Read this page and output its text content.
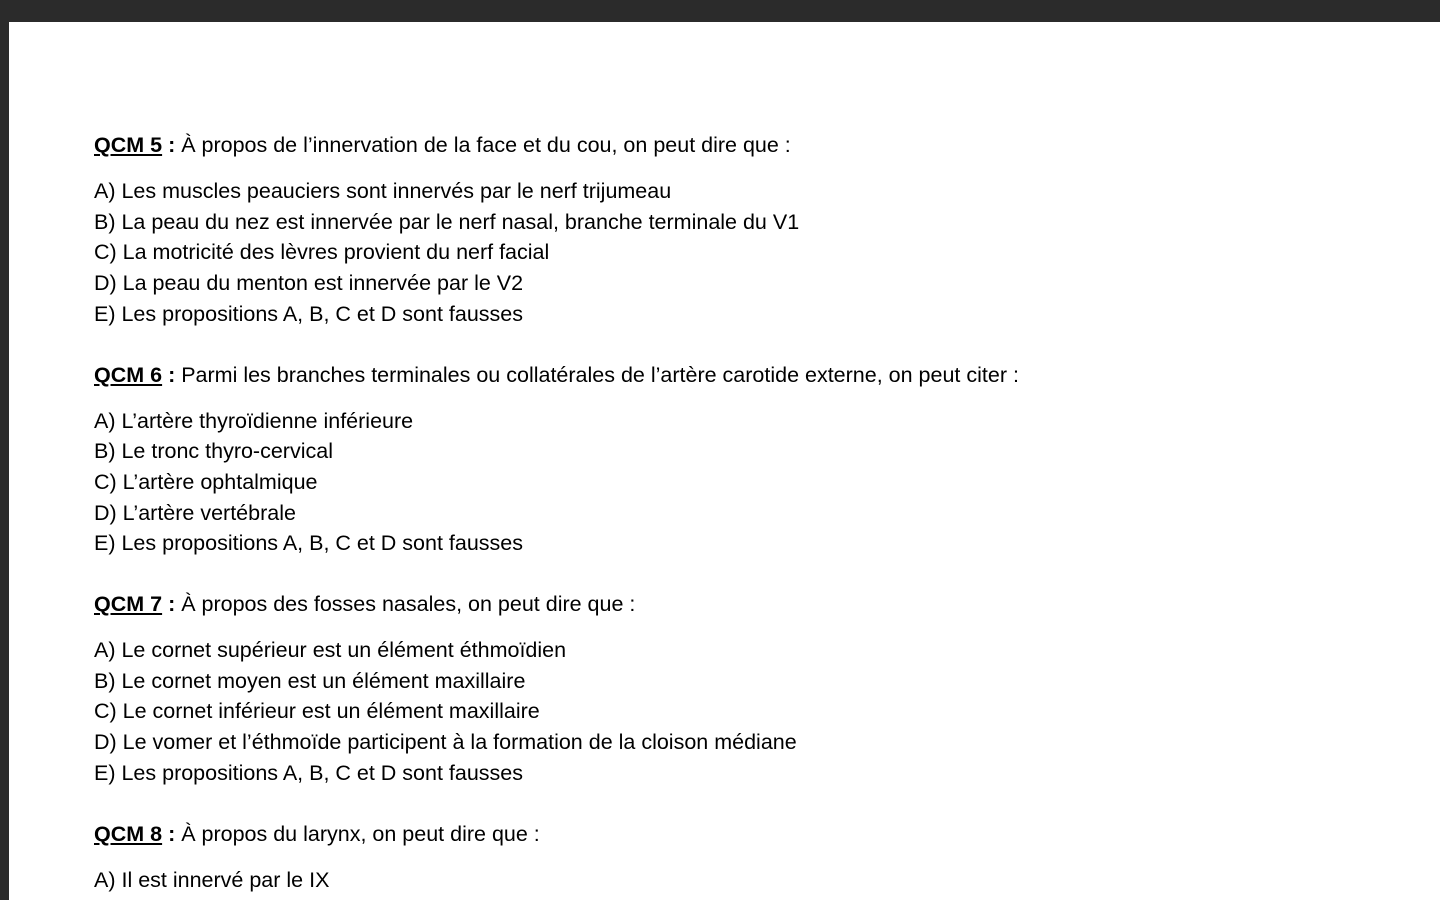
QCM 5 : À propos de l’innervation de la face et du cou, on peut dire que :

A) Les muscles peauciers sont innervés par le nerf trijumeau
B) La peau du nez est innervée par le nerf nasal, branche terminale du V1
C) La motricité des lèvres provient du nerf facial
D) La peau du menton est innervée par le V2
E) Les propositions A, B, C et D sont fausses

QCM 6 : Parmi les branches terminales ou collatérales de l’artère carotide externe, on peut citer :

A) L’artère thyroïdienne inférieure
B) Le tronc thyro-cervical
C) L’artère ophtalmique
D) L’artère vertébrale
E) Les propositions A, B, C et D sont fausses

QCM 7 : À propos des fosses nasales, on peut dire que :

A) Le cornet supérieur est un élément éthmoïdien
B) Le cornet moyen est un élément maxillaire
C) Le cornet inférieur est un élément maxillaire
D) Le vomer et l’éthmoïde participent à la formation de la cloison médiane
E) Les propositions A, B, C et D sont fausses

QCM 8 : À propos du larynx, on peut dire que :

A) Il est innervé par le IX
